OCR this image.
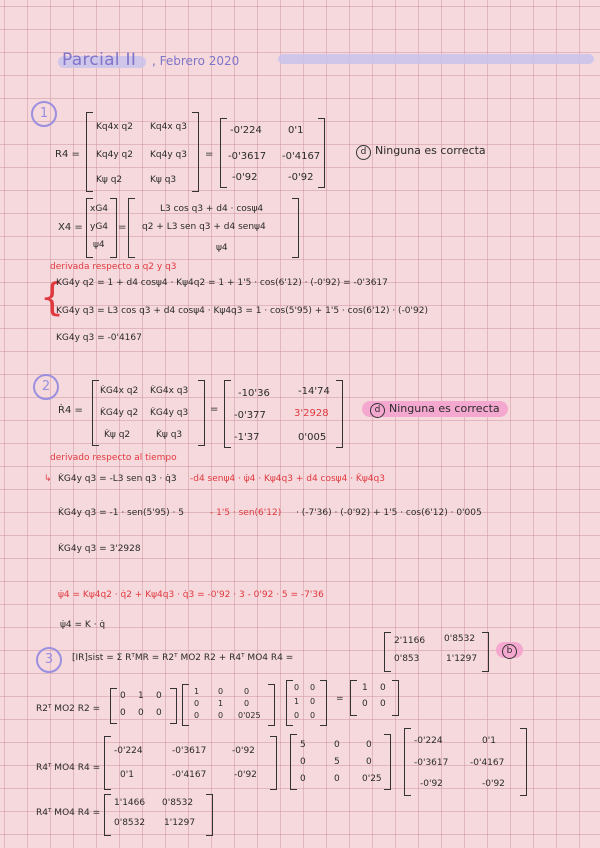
Parcial II , Febrero 2020
1
R4 =
Kq4x q2 Kq4x q3
Kq4y q2 Kq4y q3
Kψ q2	Kψ q3
=
-0'224	0'1
-0'3617 -0'4167
-0'92	-0'92
d Ninguna es correcta
X4 =
xG4
yG4
ψ4
=
L3 cos q3 + d4 · cosψ4
q2 + L3 sen q3 + d4 senψ4
ψ4
derivada respecto a q2 y q3
{
KG4y q2 = 1 + d4 cosψ4 · Kψ4q2 = 1 + 1'5 · cos(6'12) · (-0'92) = -0'3617
KG4y q3 = L3 cos q3 + d4 cosψ4 · Kψ4q3 = 1 · cos(5'95) + 1'5 · cos(6'12) · (-0'92)
KG4y q3 = -0'4167
2
Ṙ4 =
K̇G4x q2 K̇G4x q3
K̇G4y q2 K̇G4y q3
K̇ψ q2	K̇ψ q3
=
-10'36	-14'74
-0'377	3'2928
-1'37	0'005
d Ninguna es correcta
derivado respecto al tiempo
↳ K̇G4y q3 = -L3 sen q3 · q̇3 -d4 senψ4 · ψ̇4 · Kψ4q3 + d4 cosψ4 · K̇ψ4q3
K̇G4y q3 = -1 · sen(5'95) · 5	- 1'5 · sen(6'12) · (-7'36) · (-0'92) + 1'5 · cos(6'12) · 0'005
K̇G4y q3 = 3'2928
ψ̇4 = Kψ4q2 · q̇2 + Kψ4q3 · q̇3 = -0'92 · 3 - 0'92 · 5 = -7'36
ψ̇4 = K · q̇
3	[IR]sist = Σ RᵀMR = R2ᵀ MO2 R2 + R4ᵀ MO4 R4 =
2'1166 0'8532
0'853	1'1297
b
R2ᵀ MO2 R2 =
0 1 0
0 0 0
1 0	0
0 1	0
0 0 0'025
0 0
1 0
0 0
=
1 0
0 0
R4ᵀ MO4 R4 =
-0'224	-0'3617	-0'92
0'1	-0'4167	-0'92
5	0	0
0	5	0
0	0 0'25
-0'224	0'1
-0'3617 -0'4167
-0'92	-0'92
R4ᵀ MO4 R4 =
1'1466 0'8532
0'8532 1'1297
